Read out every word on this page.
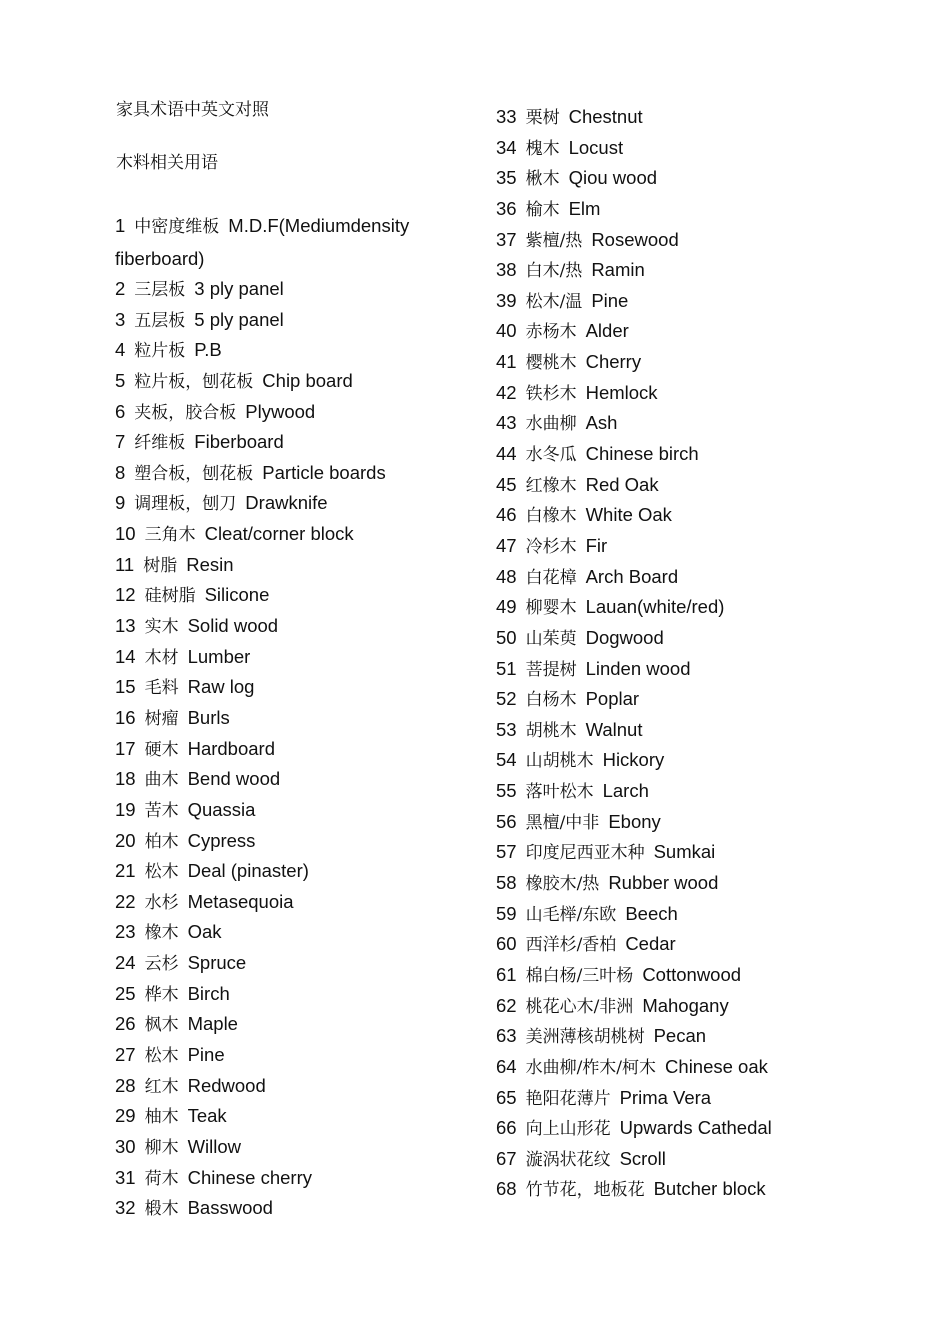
家具术语中英文对照
木料相关用语
1 中密度维板 M.D.F(Mediumdensity fiberboard)
2 三层板 3 ply panel
3 五层板 5 ply panel
4 粒片板 P.B
5 粒片板，刨花板 Chip board
6 夹板，胶合板 Plywood
7 纤维板 Fiberboard
8 塑合板，刨花板 Particle boards
9 调理板，刨刀 Drawknife
10 三角木 Cleat/corner block
11 树脂 Resin
12 硅树脂 Silicone
13 实木 Solid wood
14 木材 Lumber
15 毛料 Raw log
16 树瘤 Burls
17 硬木 Hardboard
18 曲木 Bend wood
19 苦木 Quassia
20 柏木 Cypress
21 松木 Deal (pinaster)
22 水杉 Metasequoia
23 橡木 Oak
24 云杉 Spruce
25 桦木 Birch
26 枫木 Maple
27 松木 Pine
28 红木 Redwood
29 柚木 Teak
30 柳木 Willow
31 荷木 Chinese cherry
32 椴木 Basswood
33 栗树 Chestnut
34 槐木 Locust
35 楸木 Qiou wood
36 榆木 Elm
37 紫檀/热 Rosewood
38 白木/热 Ramin
39 松木/温 Pine
40 赤杨木 Alder
41 樱桃木 Cherry
42 铁杉木 Hemlock
43 水曲柳 Ash
44 水冬瓜 Chinese birch
45 红橡木 Red Oak
46 白橡木 White Oak
47 冷杉木 Fir
48 白花樟 Arch Board
49 柳婴木 Lauan(white/red)
50 山茱萸 Dogwood
51 菩提树 Linden wood
52 白杨木 Poplar
53 胡桃木 Walnut
54 山胡桃木 Hickory
55 落叶松木 Larch
56 黑檀/中非 Ebony
57 印度尼西亚木种 Sumkai
58 橡胶木/热 Rubber wood
59 山毛榉/东欧 Beech
60 西洋杉/香柏 Cedar
61 棉白杨/三叶杨 Cottonwood
62 桃花心木/非洲 Mahogany
63 美洲薄核胡桃树 Pecan
64 水曲柳/柞木/柯木 Chinese oak
65 艳阳花薄片 Prima Vera
66 向上山形花 Upwards Cathedal
67 漩涡状花纹 Scroll
68 竹节花，地板花 Butcher block
